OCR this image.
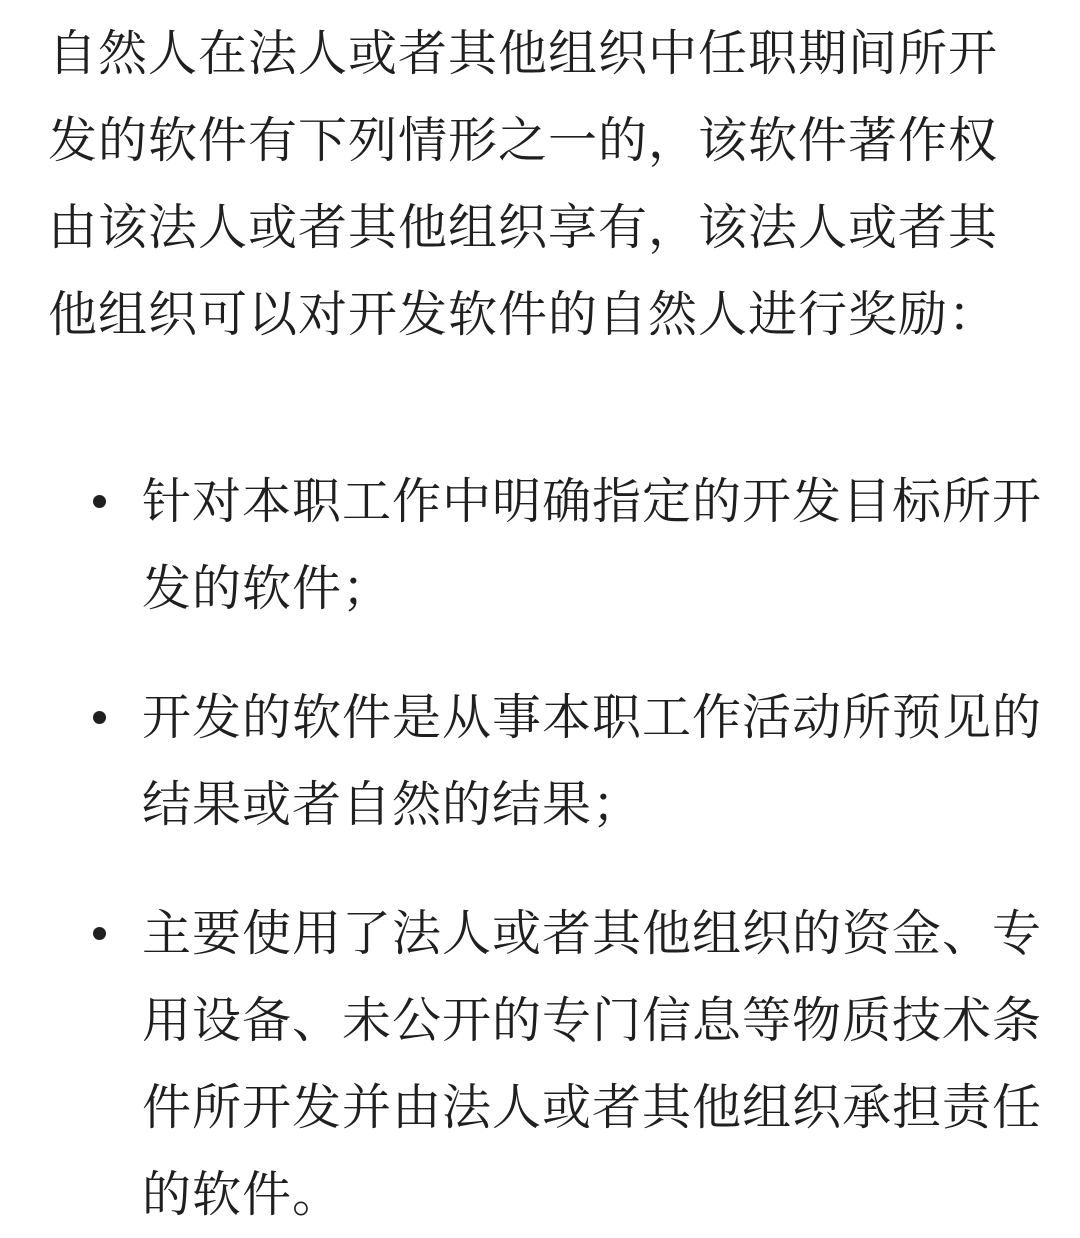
自然人在法人或者其他组织中任职期间所开发的软件有下列情形之一的，该软件著作权由该法人或者其他组织享有，该法人或者其他组织可以对开发软件的自然人进行奖励：

针对本职工作中明确指定的开发目标所开发的软件；
开发的软件是从事本职工作活动所预见的结果或者自然的结果；
主要使用了法人或者其他组织的资金、专用设备、未公开的专门信息等物质技术条件所开发并由法人或者其他组织承担责任的软件。
